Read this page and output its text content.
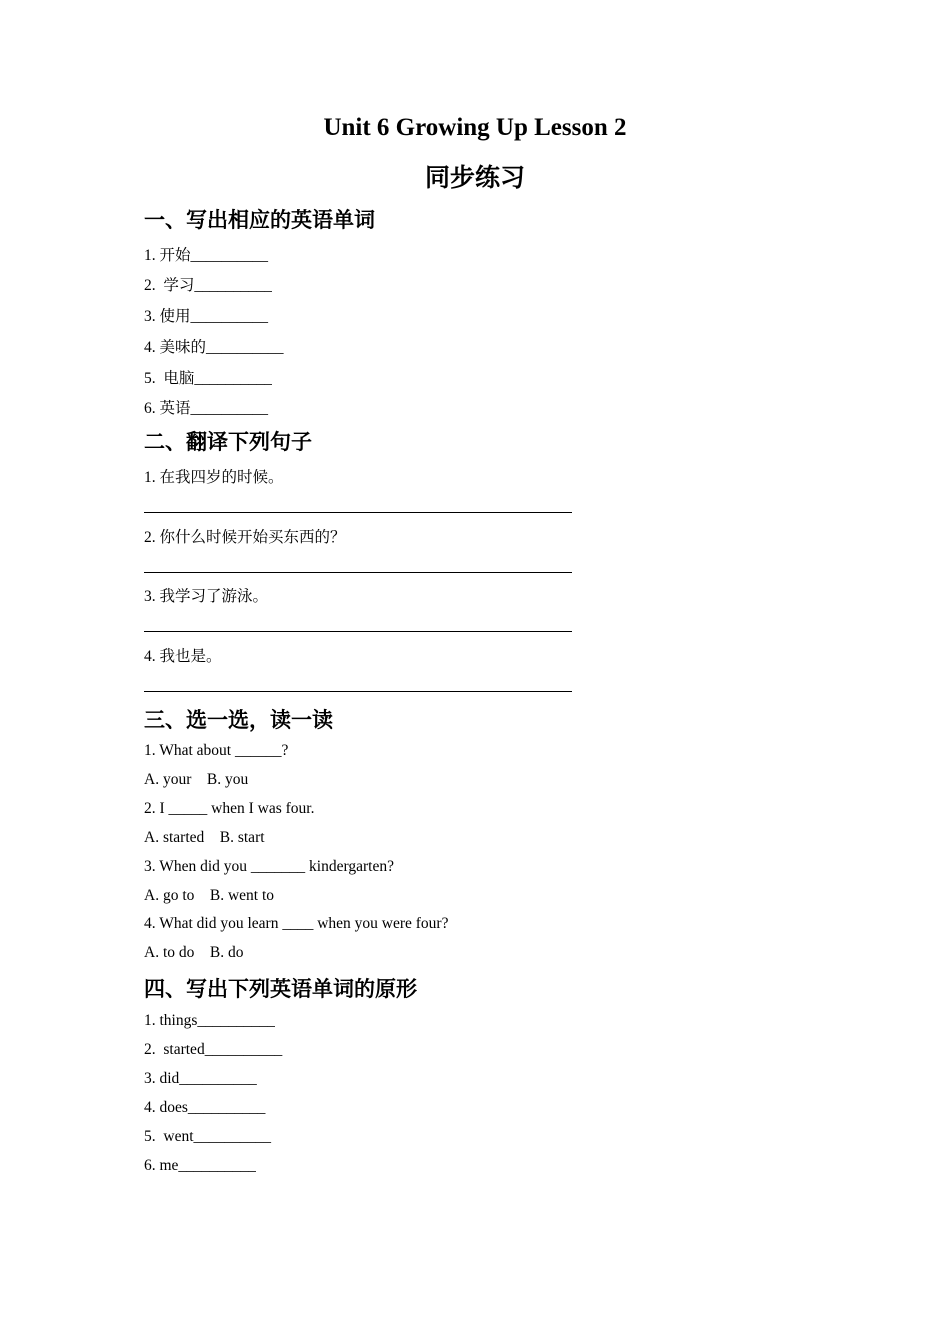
Unit 6 Growing Up Lesson 2
同步练习
一、写出相应的英语单词
1. 开始__________
2.  学习__________
3. 使用__________
4. 美味的__________
5.  电脑__________
6. 英语__________
二、翻译下列句子
1. 在我四岁的时候。
2. 你什么时候开始买东西的？
3. 我学习了游泳。
4. 我也是。
三、选一选，读一读
1. What about ______?
A. your    B. you
2. I _____ when I was four.
A. started    B. start
3. When did you _______ kindergarten?
A. go to    B. went to
4. What did you learn ____ when you were four?
A. to do    B. do
四、写出下列英语单词的原形
1. things__________
2.  started__________
3. did__________
4. does__________
5.  went__________
6. me__________
